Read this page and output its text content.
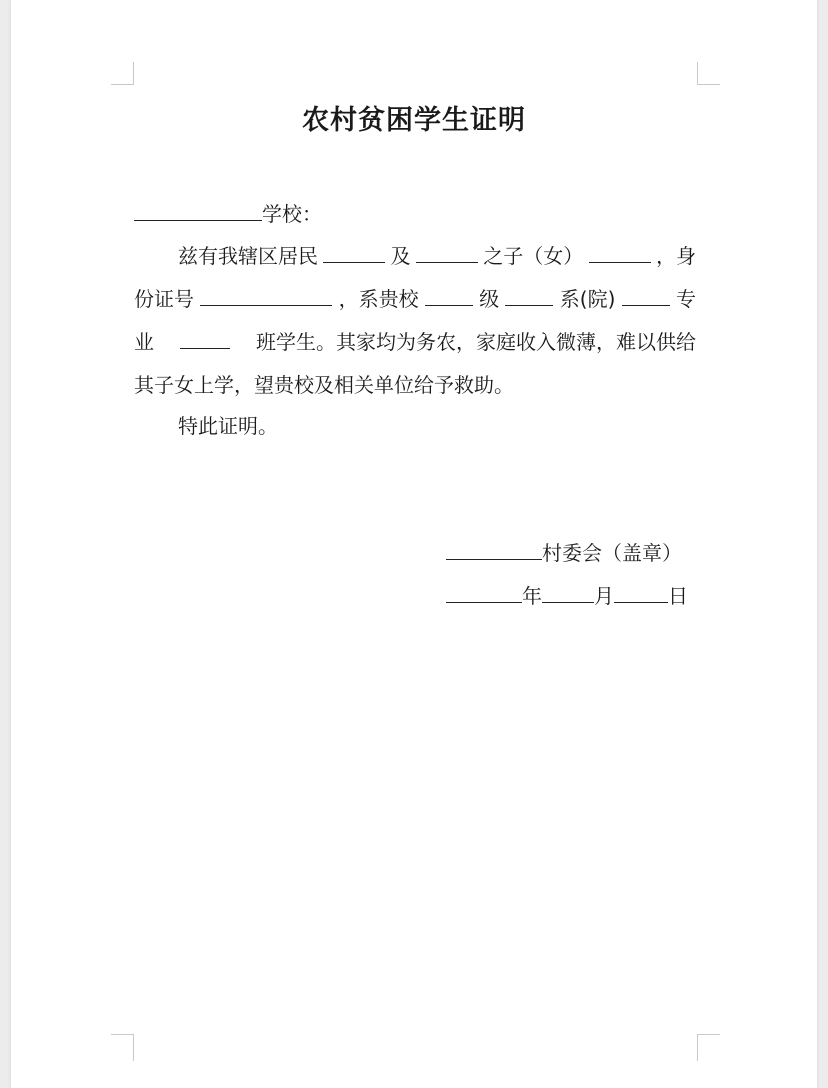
农村贫困学生证明
学校：
兹有我辖区居民	及	之子（女）	，身
份证号	，系贵校	级	系(院)	专
业	班学生。其家均为务农，家庭收入微薄，难以供给
其子女上学，望贵校及相关单位给予救助。
特此证明。
村委会（盖章）
年	月	日
